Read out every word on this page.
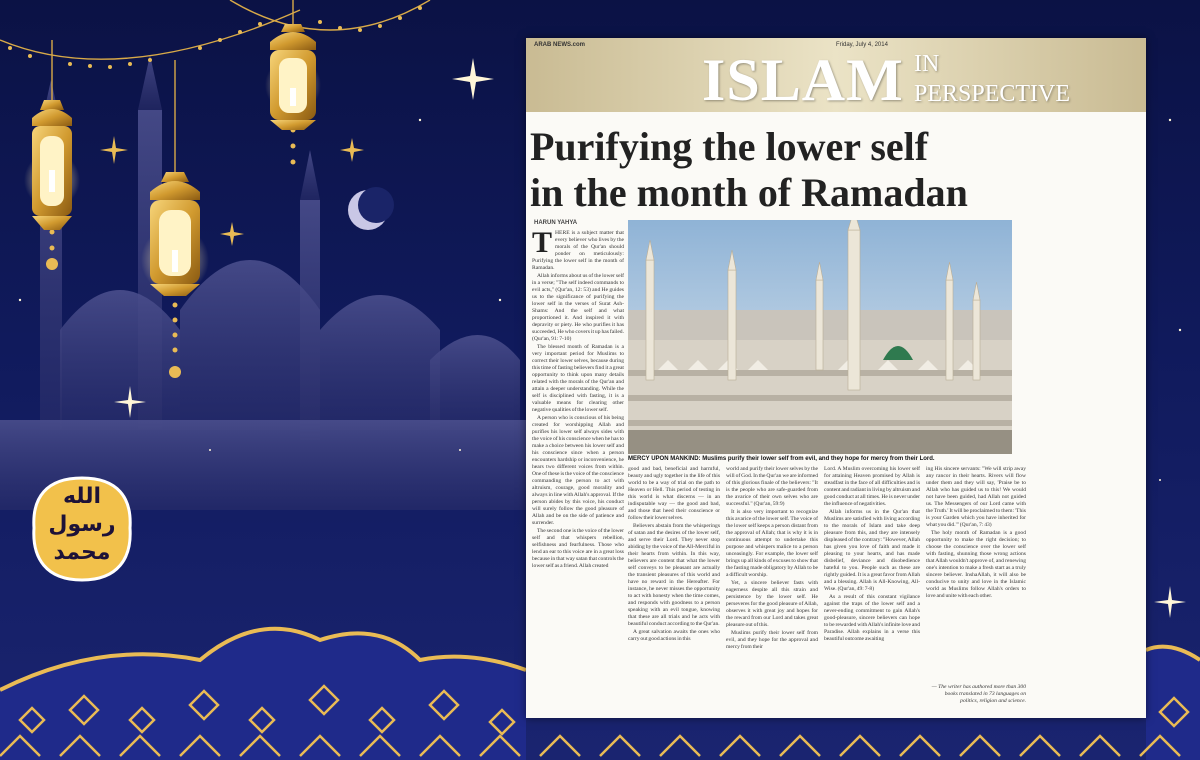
الله
رسول
محمد
ARAB NEWS.com	Friday, July 4, 2014
ISLAM IN
PERSPECTIVE
Purifying the lower self
in the month of Ramadan
HARUN YAHYA
MERCY UPON MANKIND: Muslims purify their lower self from evil, and they hope for mercy from their Lord.
T HERE is a subject matter that every believer who lives by the morals of the Qur'an should ponder on meticulously: Purifying the lower self in the month of Ramadan.

Allah informs about us of the lower self in a verse; "The self indeed commands to evil acts," (Qur'an, 12: 53) and He guides us to the significance of purifying the lower self in the verses of Surat Ash-Shams: And the self and what proportioned it. And inspired it with depravity or piety. He who purifies it has succeeded, He who covers it up has failed. (Qur'an, 91: 7-10)

The blessed month of Ramadan is a very important period for Muslims to correct their lower selves, because during this time of fasting believers find it a great opportunity to think upon many details related with the morals of the Qur'an and attain a deeper understanding. While the self is disciplined with fasting, it is a valuable means for clearing other negative qualities of the lower self.

A person who is conscious of his being created for worshipping Allah and purifies his lower self always sides with the voice of his conscience when he has to make a choice between his lower self and his conscience since when a person encounters hardship or inconvenience, he hears two different voices from within. One of these is the voice of the conscience commanding the person to act with altruism, courage, good morality and always in line with Allah's approval. If the person abides by this voice, his conduct will surely follow the good pleasure of Allah and be on the side of patience and surrender.

The second one is the voice of the lower self and that whispers rebellion, selfishness and fearfulness. Those who lend an ear to this voice are in a great loss because in that way satan that controls the lower self as a friend. Allah created

good and bad, beneficial and harmful, beauty and ugly together in the life of this world to be a way of trial on the path to Heaven or Hell. This period of testing in this world is what discerns — in an indisputable way — the good and bad, and those that heed their conscience or follow their lower selves.

Believers abstain from the whisperings of satan and the desires of the lower self, and serve their Lord. They never stop abiding by the voice of the All-Merciful in their hearts from within. In this way, believers are content that what the lower self conveys to be pleasant are actually the transient pleasures of this world and have no reward in the Hereafter. For instance, he never misses the opportunity to act with honesty when the time comes, and responds with goodness to a person speaking with an evil tongue, knowing that these are all trials and he acts with beautiful conduct according to the Qur'an.

A great salvation awaits the ones who carry out good actions in this

world and purify their lower selves by the will of God. In the Qur'an we are informed of this glorious finale of the believers: "It is the people who are safe-guarded from the avarice of their own selves who are successful." (Qur'an, 59:9)

It is also very important to recognize this avarice of the lower self. The voice of the lower self keeps a person distant from the approval of Allah; that is why it is in continuous attempt to undertake this purpose and whispers malice to a person unceasingly. For example, the lower self brings up all kinds of excuses to show that the fasting made obligatory by Allah to be a difficult worship.

Yet, a sincere believer fasts with eagerness despite all this strain and persistence by the lower self. He perseveres for the good pleasure of Allah, observes it with great joy and hopes for the reward from our Lord and takes great pleasure out of this.

Muslims purify their lower self from evil, and they hope for the approval and mercy from their

Lord. A Muslim overcoming his lower self for attaining Heaven promised by Allah is steadfast in the face of all difficulties and is content and radiant in living by altruism and good conduct at all times. He is never under the influence of negativities.

Allah informs us in the Qur'an that Muslims are satisfied with living according to the morals of Islam and take deep pleasure from this, and they are intensely displeased of the contrary: "However, Allah has given you love of faith and made it pleasing to your hearts, and has made disbelief, deviance and disobedience hateful to you. People such as these are rightly guided. It is a great favor from Allah and a blessing. Allah is All-Knowing, All-Wise. (Qur'an, 49: 7-8)

As a result of this constant vigilance against the traps of the lower self and a never-ending commitment to gain Allah's good-pleasure, sincere believers can hope to be rewarded with Allah's infinite love and Paradise. Allah explains in a verse this beautiful outcome awaiting

ing His sincere servants: "We will strip away any rancor in their hearts. Rivers will flow under them and they will say, 'Praise be to Allah who has guided us to this! We would not have been guided, had Allah not guided us. The Messengers of our Lord came with the Truth.' It will be proclaimed to them: 'This is your Garden which you have inherited for what you did.'" (Qur'an, 7: 43)

The holy month of Ramadan is a good opportunity to make the right decision; to choose the conscience over the lower self with fasting, shunning those wrong actions that Allah wouldn't approve of, and renewing one's intention to make a fresh start as a truly sincere believer. InshaAllah, it will also be conducive to unity and love in the Islamic world as Muslims follow Allah's orders to love and unite with each other.

— The writer has authored more than 300 books translated in 73 languages on politics, religion and science.
